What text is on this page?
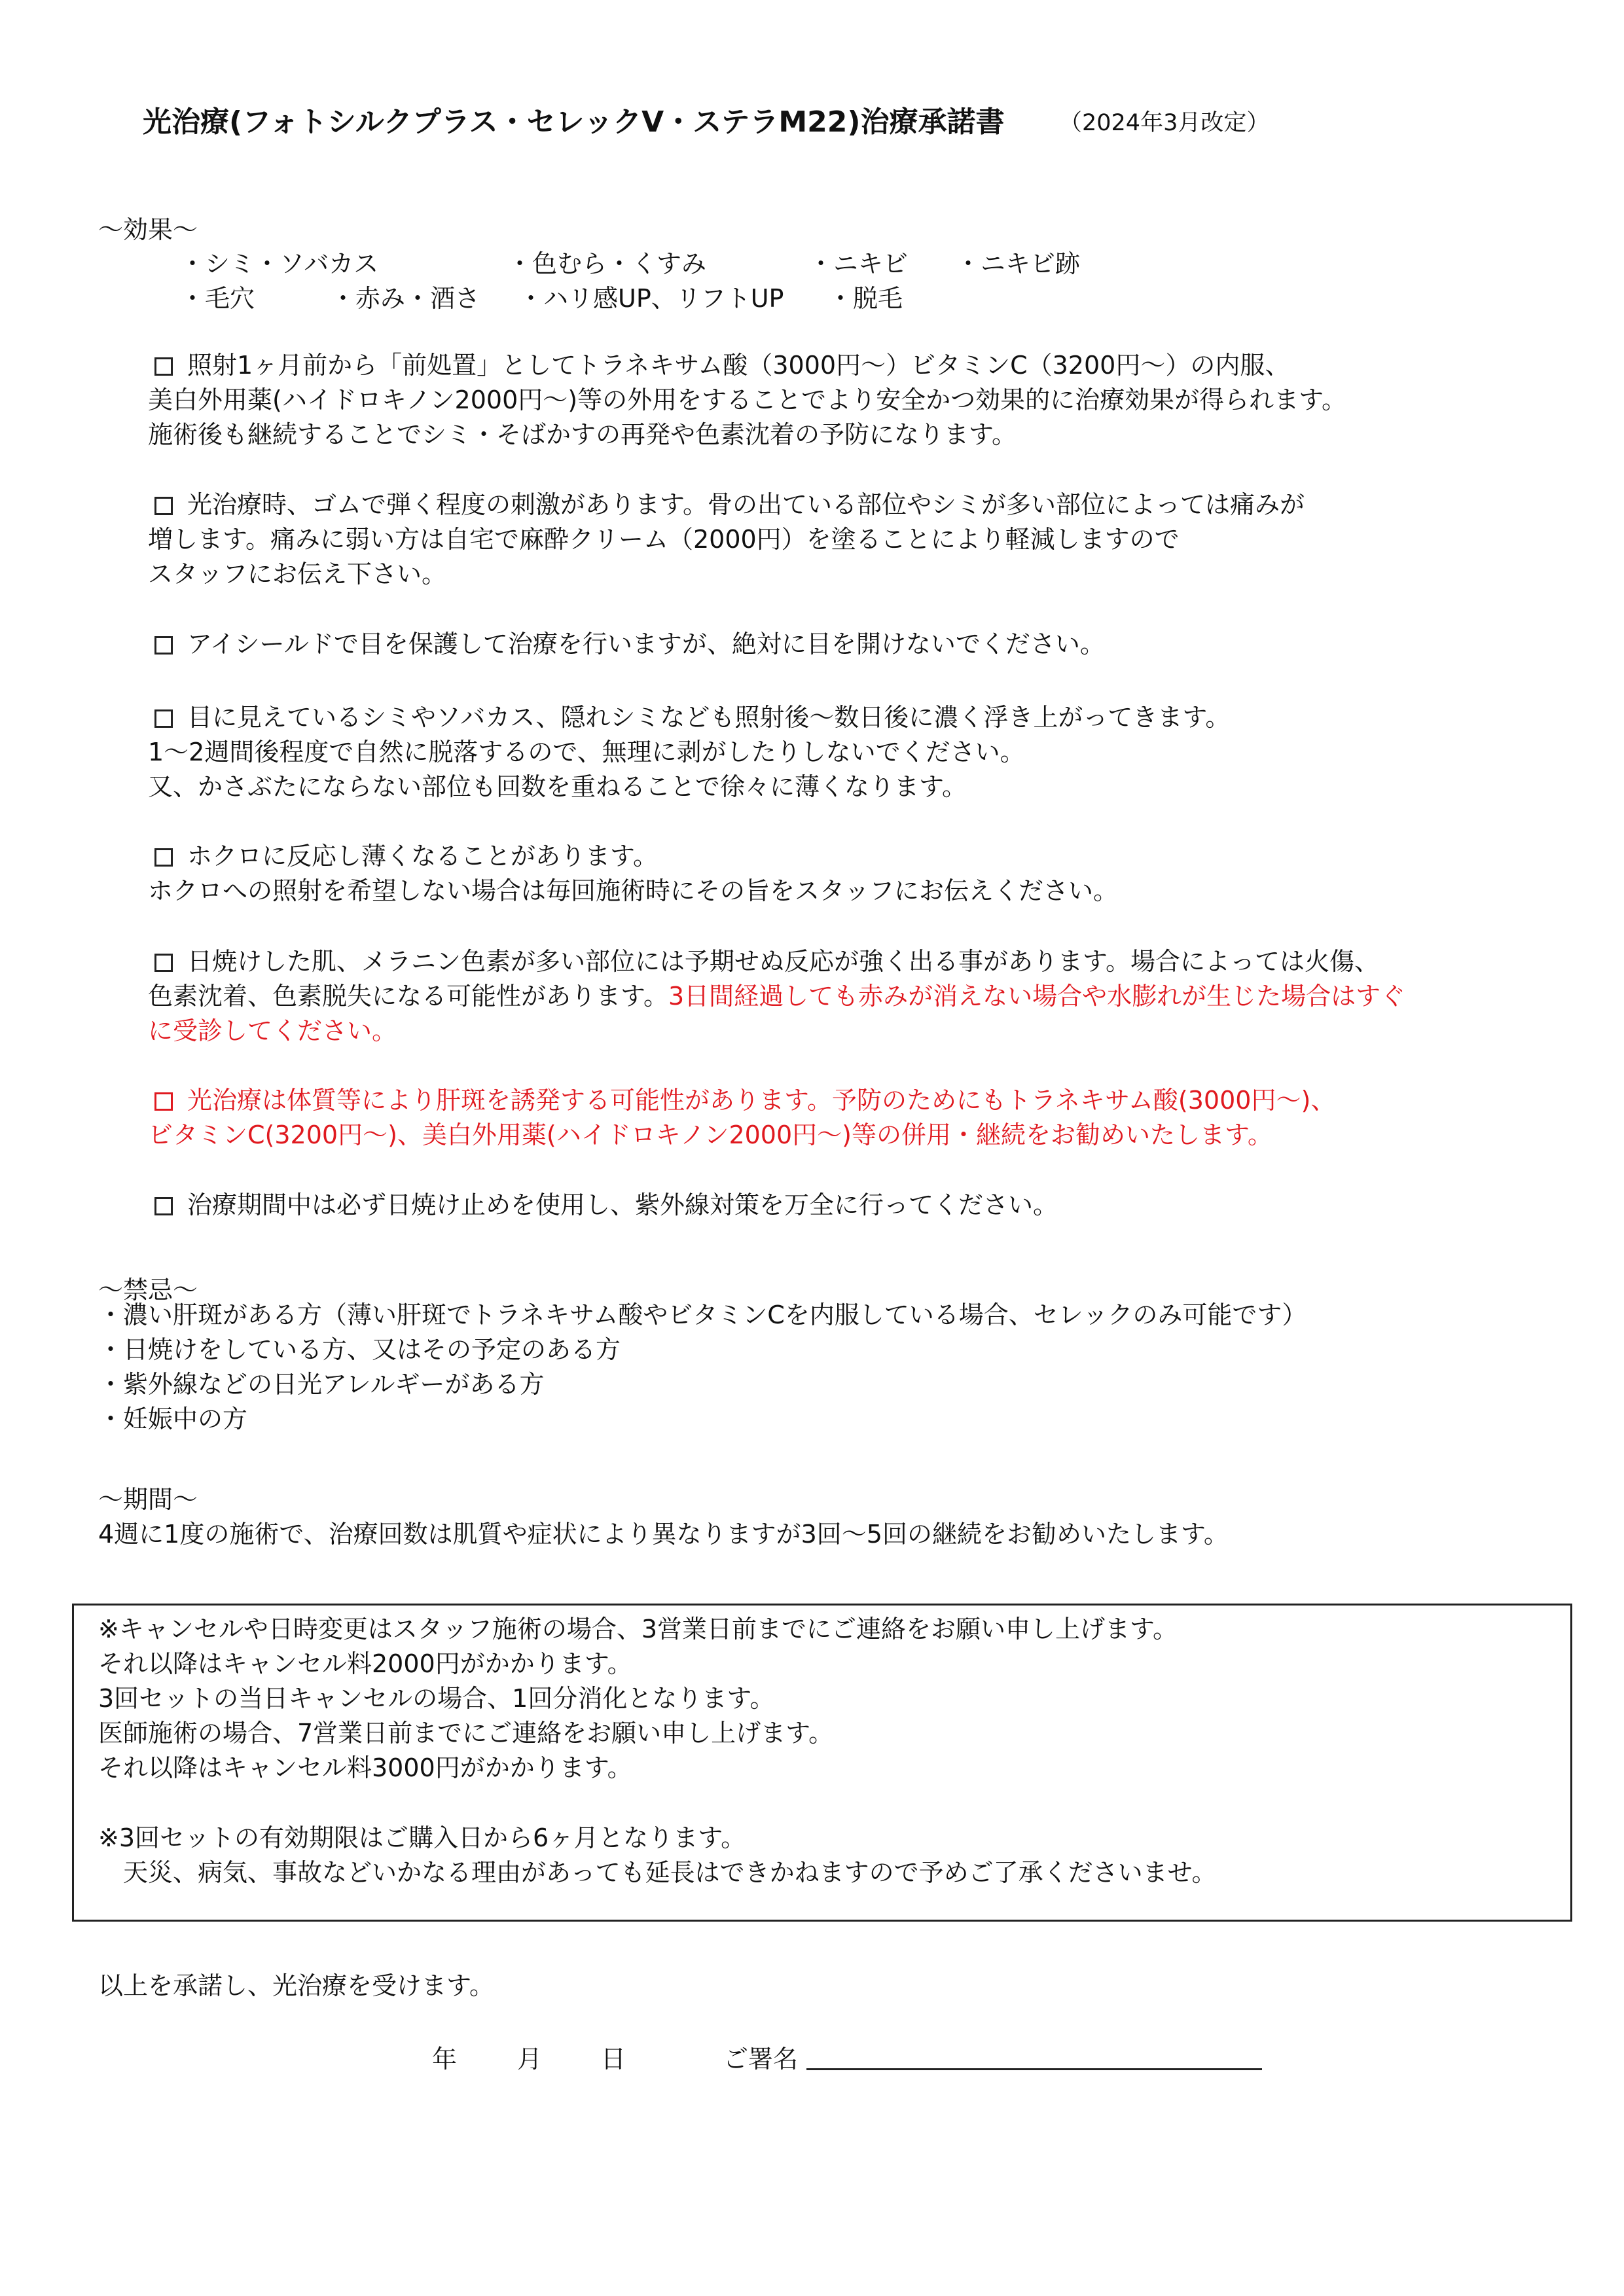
光治療(フォトシルクプラス・セレックV・ステラM22)治療承諾書 （2024年3月改定）
〜効果〜
・シミ・ソバカス	・色むら・くすみ	・ニキビ ・ニキビ跡
・毛穴	・赤み・酒さ ・ハリ感UP、リフトUP ・脱毛
照射1ヶ月前から「前処置」としてトラネキサム酸（3000円〜）ビタミンC（3200円〜）の内服、
美白外用薬(ハイドロキノン2000円〜)等の外用をすることでより安全かつ効果的に治療効果が得られます。
施術後も継続することでシミ・そばかすの再発や色素沈着の予防になります。
光治療時、ゴムで弾く程度の刺激があります。骨の出ている部位やシミが多い部位によっては痛みが
増します。痛みに弱い方は自宅で麻酔クリーム（2000円）を塗ることにより軽減しますので
スタッフにお伝え下さい。
アイシールドで目を保護して治療を行いますが、絶対に目を開けないでください。
目に見えているシミやソバカス、隠れシミなども照射後〜数日後に濃く浮き上がってきます。
1〜2週間後程度で自然に脱落するので、無理に剥がしたりしないでください。
又、かさぶたにならない部位も回数を重ねることで徐々に薄くなります。
ホクロに反応し薄くなることがあります。
ホクロへの照射を希望しない場合は毎回施術時にその旨をスタッフにお伝えください。
日焼けした肌、メラニン色素が多い部位には予期せぬ反応が強く出る事があります。場合によっては火傷、
色素沈着、色素脱失になる可能性があります。3日間経過しても赤みが消えない場合や水膨れが生じた場合はすぐ
に受診してください。
光治療は体質等により肝斑を誘発する可能性があります。予防のためにもトラネキサム酸(3000円〜)、
ビタミンC(3200円〜)、美白外用薬(ハイドロキノン2000円〜)等の併用・継続をお勧めいたします。
治療期間中は必ず日焼け止めを使用し、紫外線対策を万全に行ってください。
〜禁忌〜
・濃い肝斑がある方（薄い肝斑でトラネキサム酸やビタミンCを内服している場合、セレックのみ可能です）
・日焼けをしている方、又はその予定のある方
・紫外線などの日光アレルギーがある方
・妊娠中の方
〜期間〜
4週に1度の施術で、治療回数は肌質や症状により異なりますが3回〜5回の継続をお勧めいたします。
※キャンセルや日時変更はスタッフ施術の場合、3営業日前までにご連絡をお願い申し上げます。
それ以降はキャンセル料2000円がかかります。
3回セットの当日キャンセルの場合、1回分消化となります。
医師施術の場合、7営業日前までにご連絡をお願い申し上げます。
それ以降はキャンセル料3000円がかかります。
※3回セットの有効期限はご購入日から6ヶ月となります。
　天災、病気、事故などいかなる理由があっても延長はできかねますので予めご了承くださいませ。
以上を承諾し、光治療を受けます。
年 月 日	ご署名
